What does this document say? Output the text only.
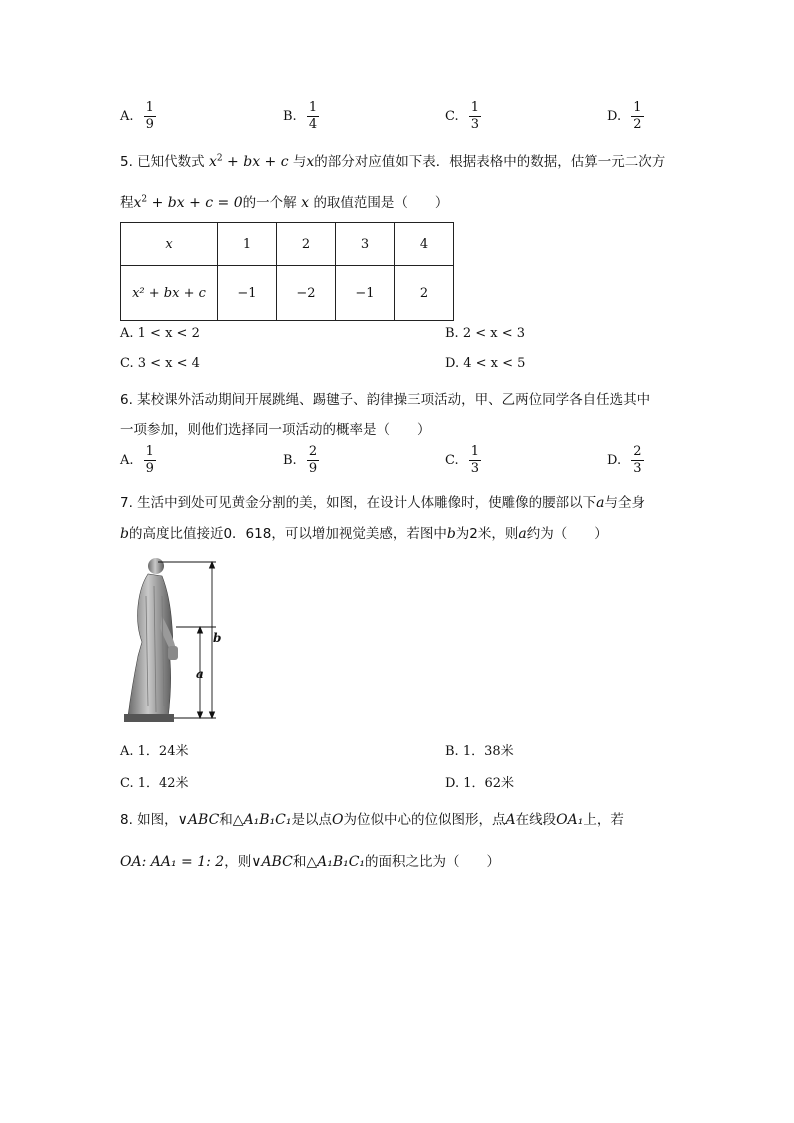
A. $\frac{1}{9}$	B. $\frac{1}{4}$	C. $\frac{1}{3}$	D. $\frac{1}{2}$
5. 已知代数式 $x^2$ + bx + c 与x的部分对应值如下表．根据表格中的数据，估算一元二次方
程$x^2$ + bx + c = 0的一个解 x 的取值范围是（　　）
x	1	2	3	4
x² + bx + c	−1	−2	−1	2
A. 1 < x < 2	B. 2 < x < 3
C. 3 < x < 4	D. 4 < x < 5
6. 某校课外活动期间开展跳绳、踢毽子、韵律操三项活动，甲、乙两位同学各自任选其中
一项参加，则他们选择同一项活动的概率是（　　）
A. $\frac{1}{9}$	B. $\frac{2}{9}$	C. $\frac{1}{3}$	D. $\frac{2}{3}$
7. 生活中到处可见黄金分割的美，如图，在设计人体雕像时，使雕像的腰部以下a与全身
b的高度比值接近0．618，可以增加视觉美感，若图中b为2米，则a约为（　　）
b
a
A. 1．24米	B. 1．38米
C. 1．42米	D. 1．62米
8. 如图，∨ABC和△A₁B₁C₁是以点O为位似中心的位似图形，点A在线段OA₁上，若
OA: AA₁ = 1: 2，则∨ABC和△A₁B₁C₁的面积之比为（　　）
